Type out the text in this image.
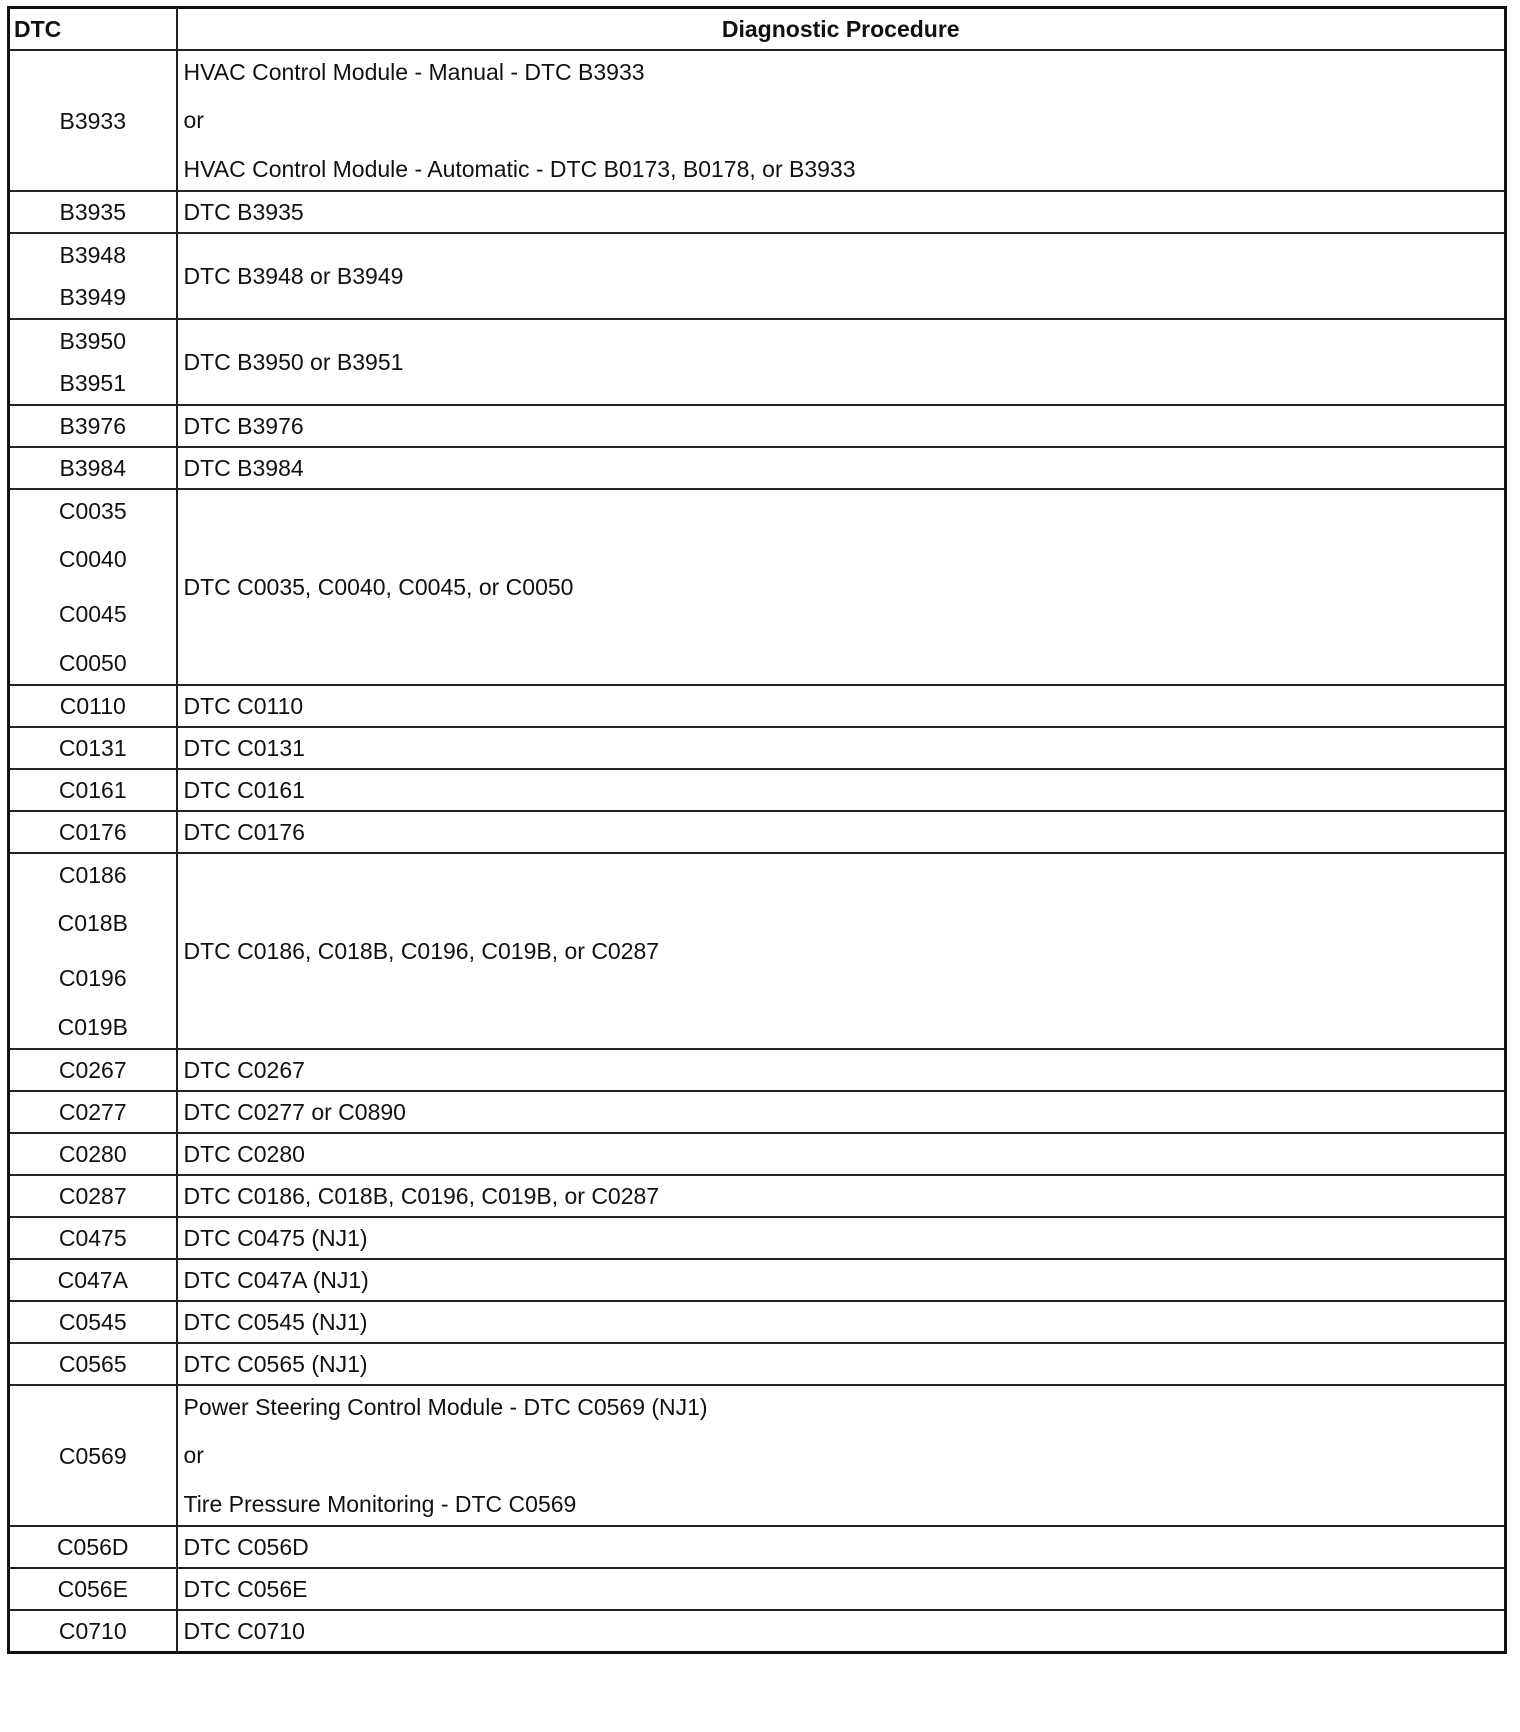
DTC	Diagnostic Procedure

B3933	HVAC Control Module - Manual - DTC B3933
or
HVAC Control Module - Automatic - DTC B0173, B0178, or B3933

B3935	DTC B3935

B3948
B3949	DTC B3948 or B3949

B3950
B3951	DTC B3950 or B3951

B3976	DTC B3976

B3984	DTC B3984

C0035
C0040
C0045
C0050	DTC C0035, C0040, C0045, or C0050

C0110	DTC C0110

C0131	DTC C0131

C0161	DTC C0161

C0176	DTC C0176

C0186
C018B
C0196
C019B	DTC C0186, C018B, C0196, C019B, or C0287

C0267	DTC C0267

C0277	DTC C0277 or C0890

C0280	DTC C0280

C0287	DTC C0186, C018B, C0196, C019B, or C0287

C0475	DTC C0475 (NJ1)

C047A	DTC C047A (NJ1)

C0545	DTC C0545 (NJ1)

C0565	DTC C0565 (NJ1)

C0569	Power Steering Control Module - DTC C0569 (NJ1)
or
Tire Pressure Monitoring - DTC C0569

C056D	DTC C056D

C056E	DTC C056E

C0710	DTC C0710
